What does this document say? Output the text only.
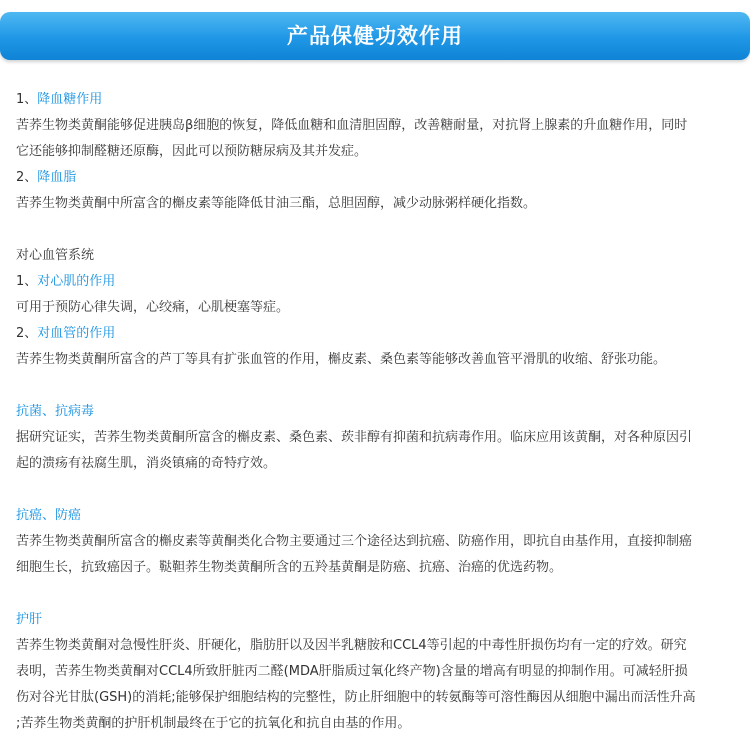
产品保健功效作用
1、降血糖作用
苦荞生物类黄酮能够促进胰岛β细胞的恢复，降低血糖和血清胆固醇，改善糖耐量，对抗肾上腺素的升血糖作用，同时
它还能够抑制醛糖还原酶，因此可以预防糖尿病及其并发症。
2、降血脂
苦荞生物类黄酮中所富含的槲皮素等能降低甘油三酯，总胆固醇，减少动脉粥样硬化指数。
对心血管系统
1、对心肌的作用
可用于预防心律失调，心绞痛，心肌梗塞等症。
2、对血管的作用
苦荞生物类黄酮所富含的芦丁等具有扩张血管的作用，槲皮素、桑色素等能够改善血管平滑肌的收缩、舒张功能。
抗菌、抗病毒
据研究证实，苦荞生物类黄酮所富含的槲皮素、桑色素、莰非醇有抑菌和抗病毒作用。临床应用该黄酮，对各种原因引
起的溃疡有祛腐生肌，消炎镇痛的奇特疗效。
抗癌、防癌
苦荞生物类黄酮所富含的槲皮素等黄酮类化合物主要通过三个途径达到抗癌、防癌作用，即抗自由基作用，直接抑制癌
细胞生长，抗致癌因子。鞑靼荞生物类黄酮所含的五羚基黄酮是防癌、抗癌、治癌的优选药物。
护肝
苦荞生物类黄酮对急慢性肝炎、肝硬化，脂肪肝以及因半乳糖胺和CCL4等引起的中毒性肝损伤均有一定的疗效。研究
表明，苦荞生物类黄酮对CCL4所致肝脏丙二醛(MDA肝脂质过氧化终产物)含量的增高有明显的抑制作用。可减轻肝损
伤对谷光甘肽(GSH)的消耗;能够保护细胞结构的完整性，防止肝细胞中的转氨酶等可溶性酶因从细胞中漏出而活性升高
;苦荞生物类黄酮的护肝机制最终在于它的抗氧化和抗自由基的作用。
